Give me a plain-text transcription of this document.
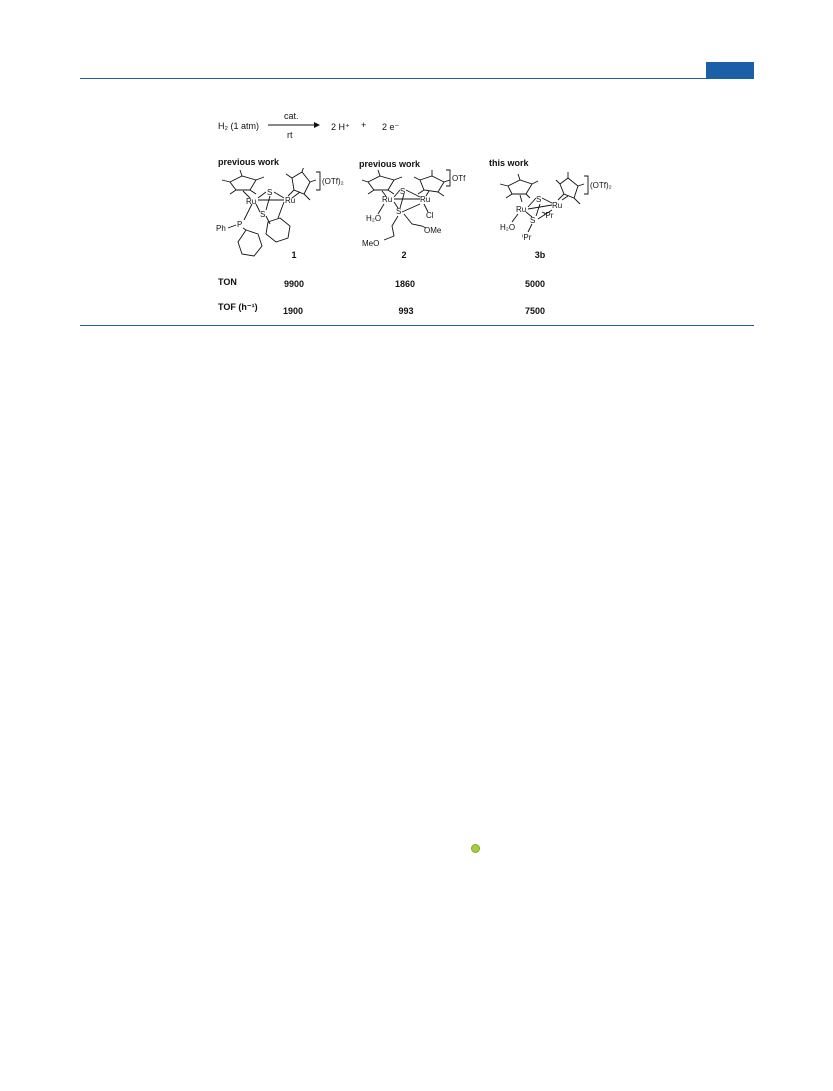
H₂ (1 atm)
cat.
rt
2 H⁺ + 2 e⁻
previous work	previous work	this work
(OTf)₂
Ru	Ru
S
S
P
Ph
1
OTf
Ru	Ru
S
S
H₂O	Cl
OMe
MeO
2
(OTf)₂
Ru	Ru
S
S
H₂O
ⁱPr
ⁱPr
3b
TON	9900	1860	5000
TOF (h⁻¹)	1900	993	7500
